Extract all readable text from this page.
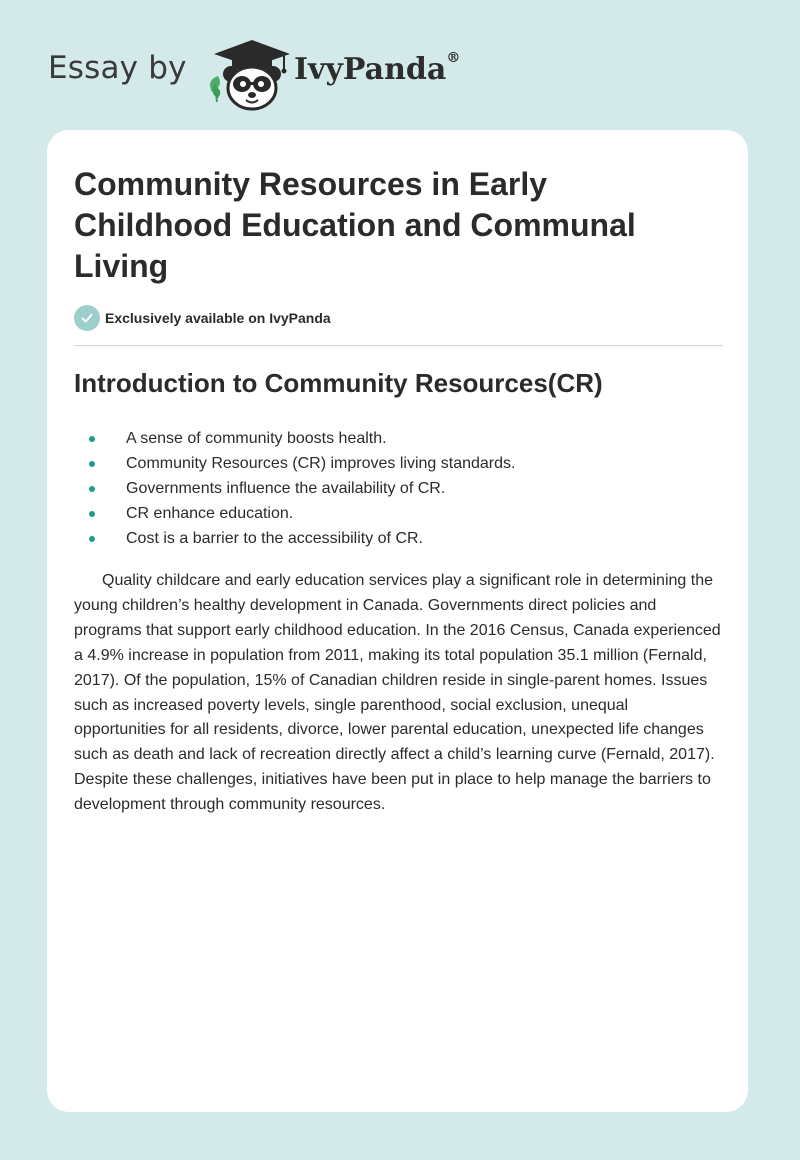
Essay by	IvyPanda®
Community Resources in Early Childhood Education and Communal Living
Exclusively available on IvyPanda
Introduction to Community Resources(CR)
A sense of community boosts health.
Community Resources (CR) improves living standards.
Governments influence the availability of CR.
CR enhance education.
Cost is a barrier to the accessibility of CR.

Quality childcare and early education services play a significant role in determining the young children’s healthy development in Canada. Governments direct policies and programs that support early childhood education. In the 2016 Census, Canada experienced a 4.9% increase in population from 2011, making its total population 35.1 million (Fernald, 2017). Of the population, 15% of Canadian children reside in single-parent homes. Issues such as increased poverty levels, single parenthood, social exclusion, unequal opportunities for all residents, divorce, lower parental education, unexpected life changes such as death and lack of recreation directly affect a child’s learning curve (Fernald, 2017). Despite these challenges, initiatives have been put in place to help manage the barriers to development through community resources.
